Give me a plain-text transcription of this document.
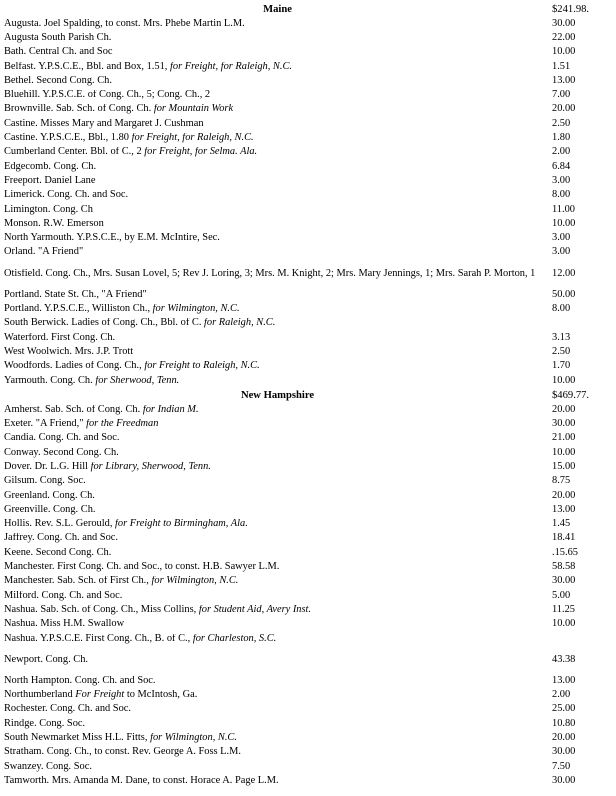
Maine	$241.98.
Augusta. Joel Spalding, to const. Mrs. Phebe Martin L.M.	30.00
Augusta South Parish Ch.	22.00
Bath. Central Ch. and Soc	10.00
Belfast. Y.P.S.C.E., Bbl. and Box, 1.51, for Freight, for Raleigh, N.C.	1.51
Bethel. Second Cong. Ch.	13.00
Bluehill. Y.P.S.C.E. of Cong. Ch., 5; Cong. Ch., 2	7.00
Brownville. Sab. Sch. of Cong. Ch. for Mountain Work	20.00
Castine. Misses Mary and Margaret J. Cushman	2.50
Castine. Y.P.S.C.E., Bbl., 1.80 for Freight, for Raleigh, N.C.	1.80
Cumberland Center. Bbl. of C., 2 for Freight, for Selma. Ala.	2.00
Edgecomb. Cong. Ch.	6.84
Freeport. Daniel Lane	3.00
Limerick. Cong. Ch. and Soc.	8.00
Limington. Cong. Ch	11.00
Monson. R.W. Emerson	10.00
North Yarmouth. Y.P.S.C.E., by E.M. McIntire, Sec.	3.00
Orland. "A Friend"	3.00
Otisfield. Cong. Ch., Mrs. Susan Lovel, 5; Rev J. Loring, 3; Mrs. M. Knight, 2; Mrs. Mary Jennings, 1; Mrs. Sarah P. Morton, 1	12.00
Portland. State St. Ch., "A Friend"	50.00
Portland. Y.P.S.C.E., Williston Ch., for Wilmington, N.C.	8.00
South Berwick. Ladies of Cong. Ch., Bbl. of C. for Raleigh, N.C.
Waterford. First Cong. Ch.	3.13
West Woolwich. Mrs. J.P. Trott	2.50
Woodfords. Ladies of Cong. Ch., for Freight to Raleigh, N.C.	1.70
Yarmouth. Cong. Ch. for Sherwood, Tenn.	10.00
New Hampshire	$469.77.
Amherst. Sab. Sch. of Cong. Ch. for Indian M.	20.00
Exeter. "A Friend," for the Freedman	30.00
Candia. Cong. Ch. and Soc.	21.00
Conway. Second Cong. Ch.	10.00
Dover. Dr. L.G. Hill for Library, Sherwood, Tenn.	15.00
Gilsum. Cong. Soc.	8.75
Greenland. Cong. Ch.	20.00
Greenville. Cong. Ch.	13.00
Hollis. Rev. S.L. Gerould, for Freight to Birmingham, Ala.	1.45
Jaffrey. Cong. Ch. and Soc.	18.41
Keene. Second Cong. Ch.	.15.65
Manchester. First Cong. Ch. and Soc., to const. H.B. Sawyer L.M.	58.58
Manchester. Sab. Sch. of First Ch., for Wilmington, N.C.	30.00
Milford. Cong. Ch. and Soc.	5.00
Nashua. Sab. Sch. of Cong. Ch., Miss Collins, for Student Aid, Avery Inst.	11.25
Nashua. Miss H.M. Swallow	10.00
Nashua. Y.P.S.C.E. First Cong. Ch., B. of C., for Charleston, S.C.
Newport. Cong. Ch.	43.38
North Hampton. Cong. Ch. and Soc.	13.00
Northumberland For Freight to McIntosh, Ga.	2.00
Rochester. Cong. Ch. and Soc.	25.00
Rindge. Cong. Soc.	10.80
South Newmarket Miss H.L. Fitts, for Wilmington, N.C.	20.00
Stratham. Cong. Ch., to const. Rev. George A. Foss L.M.	30.00
Swanzey. Cong. Soc.	7.50
Tamworth. Mrs. Amanda M. Dane, to const. Horace A. Page L.M.	30.00
